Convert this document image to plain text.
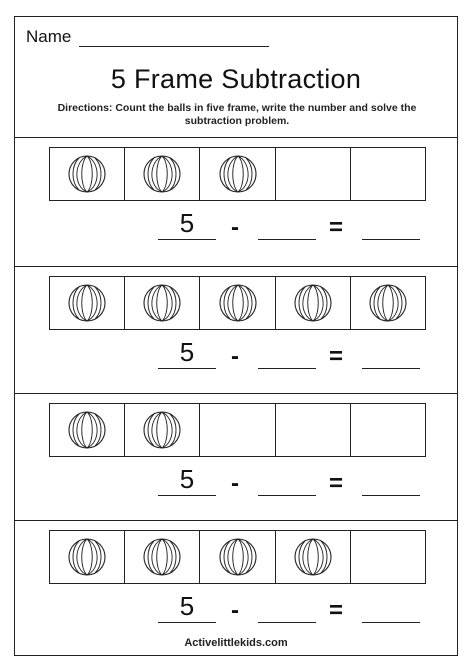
Name
5 Frame Subtraction
Directions: Count the balls in five frame, write the number and solve the subtraction problem.
5	-	=
5	-	=
5	-	=
5	-	=
Activelittlekids.com
